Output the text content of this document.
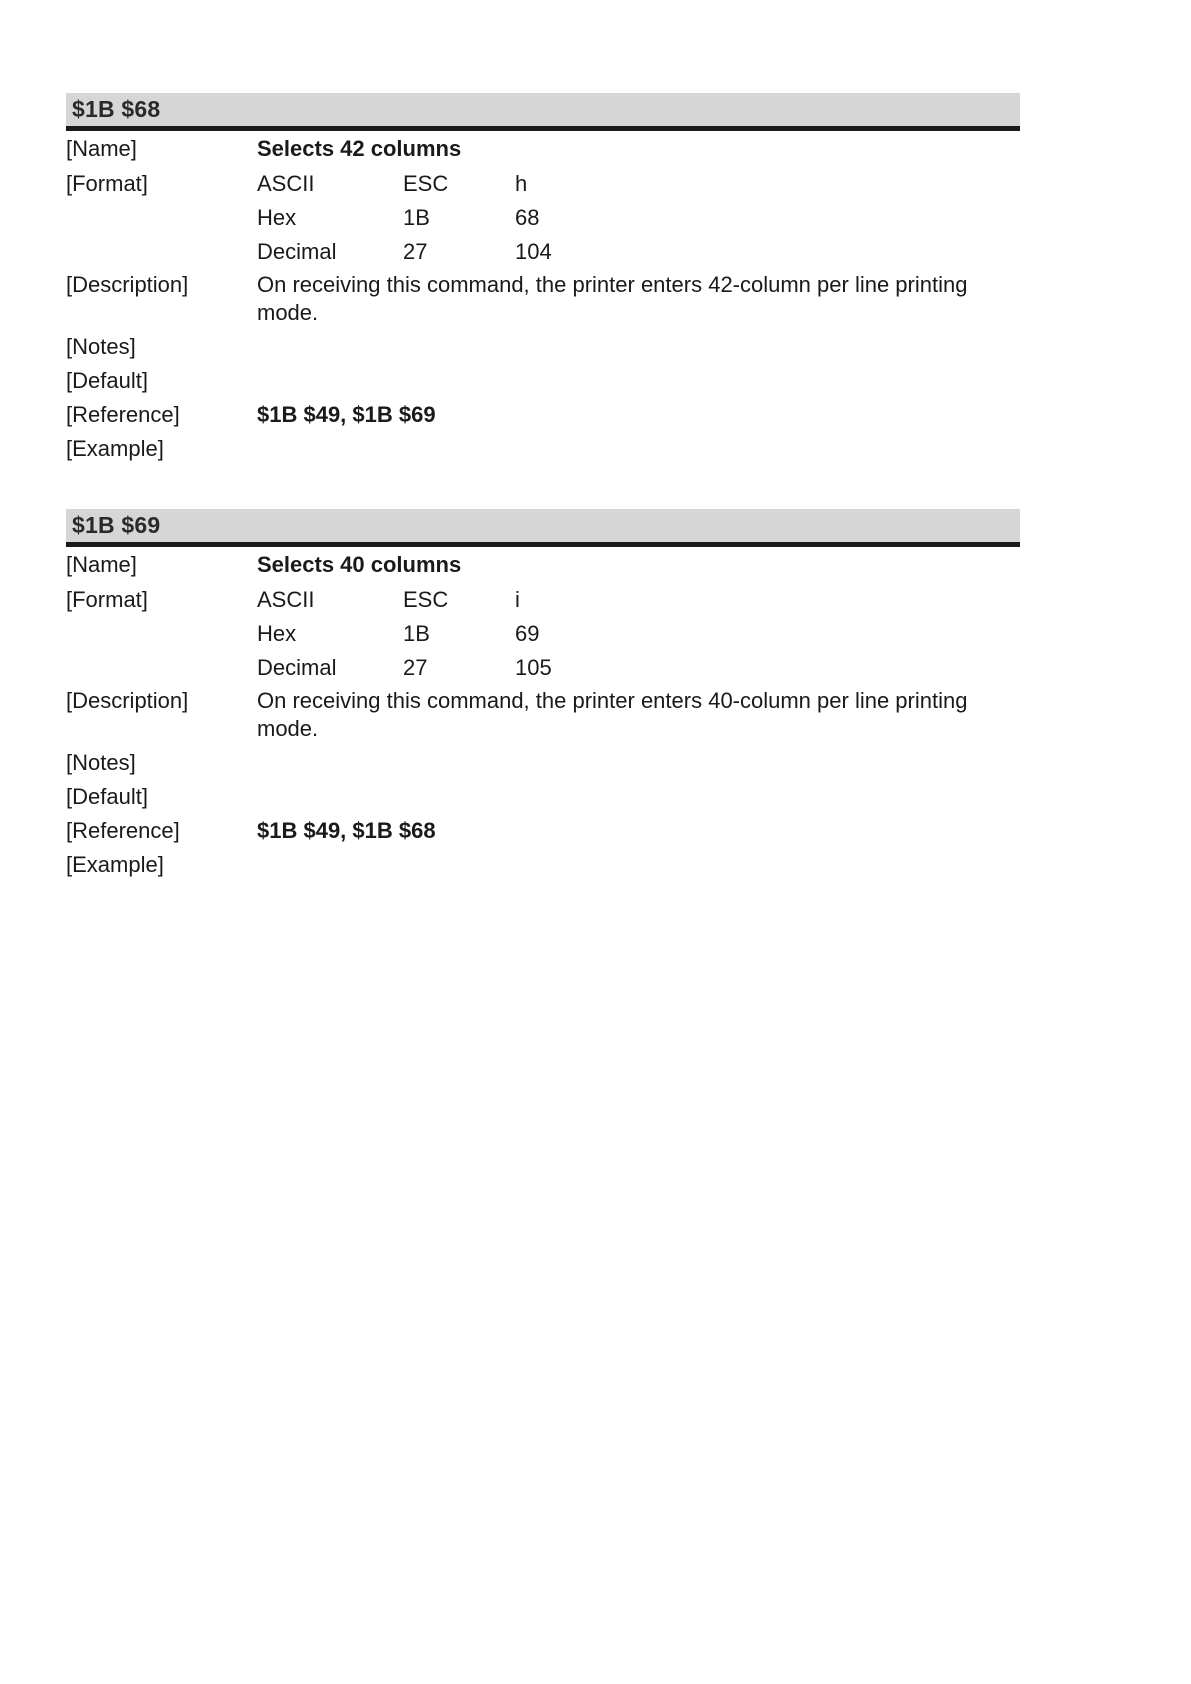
$1B $68
[Name]	Selects 42 columns
[Format]	ASCII	ESC	h
Hex	1B	68
Decimal	27	104
[Description]	On receiving this command, the printer enters 42-column per line printing mode.
[Notes]
[Default]
[Reference]	$1B $49, $1B $69
[Example]
$1B $69
[Name]	Selects 40 columns
[Format]	ASCII	ESC	i
Hex	1B	69
Decimal	27	105
[Description]	On receiving this command, the printer enters 40-column per line printing mode.
[Notes]
[Default]
[Reference]	$1B $49, $1B $68
[Example]
